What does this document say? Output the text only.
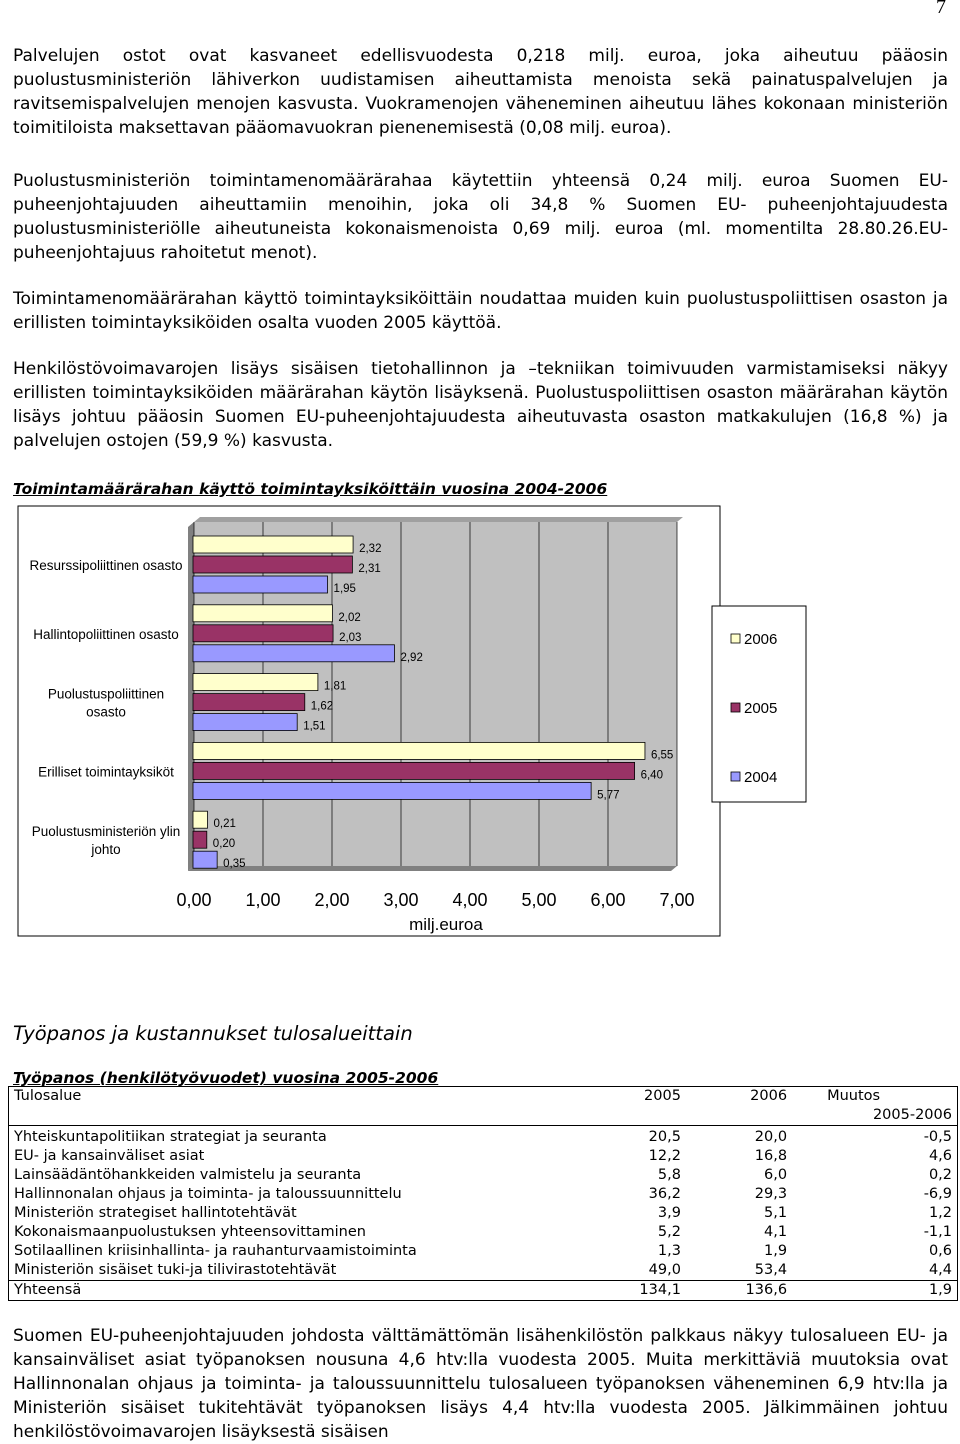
7

Palvelujen ostot ovat kasvaneet edellisvuodesta 0,218 milj. euroa, joka aiheutuu pääosin puolustusministeriön lähiverkon uudistamisen aiheuttamista menoista sekä painatuspalvelujen ja ravitsemispalvelujen menojen kasvusta. Vuokramenojen väheneminen aiheutuu lähes kokonaan ministeriön toimitiloista maksettavan pääomavuokran pienenemisestä (0,08 milj. euroa).

Puolustusministeriön toimintamenomäärärahaa käytettiin yhteensä 0,24 milj. euroa Suomen EU-puheenjohtajuuden aiheuttamiin menoihin, joka oli 34,8 % Suomen EU- puheenjohtajuudesta puolustusministeriölle aiheutuneista kokonaismenoista 0,69 milj. euroa (ml. momentilta 28.80.26.EU-puheenjohtajuus rahoitetut menot).

Toimintamenomäärärahan käyttö toimintayksiköittäin noudattaa muiden kuin puolustuspoliittisen osaston ja erillisten toimintayksiköiden osalta vuoden 2005 käyttöä.

Henkilöstövoimavarojen lisäys sisäisen tietohallinnon ja –tekniikan toimivuuden varmistamiseksi näkyy erillisten toimintayksiköiden määrärahan käytön lisäyksenä. Puolustuspoliittisen osaston määrärahan käytön lisäys johtuu pääosin Suomen EU-puheenjohtajuudesta aiheutuvasta osaston matkakulujen (16,8 %) ja palvelujen ostojen (59,9 %) kasvusta.

Toimintamäärärahan käyttö toimintayksiköittäin vuosina 2004-2006

0,00 1,00 2,00 3,00 4,00 5,00 6,00 7,00
2,32
2,31
1,95
2,02
2,03
2,92
1,81
1,62
1,51
6,55
6,40
5,77
0,21
0,20
0,35
Resurssipoliittinen osasto
Hallintopoliittinen osasto
Puolustuspoliittinen
osasto
Erilliset toimintayksiköt
Puolustusministeriön ylin
johto
2006
2005
2004
milj.euroa

Työpanos ja kustannukset tulosalueittain

Työpanos (henkilötyövuodet) vuosina 2005-2006

Tulosalue	2005	2006	Muutos
2005-2006

Yhteiskuntapolitiikan strategiat ja seuranta	20,5	20,0	-0,5
EU- ja kansainväliset asiat	12,2	16,8	4,6
Lainsäädäntöhankkeiden valmistelu ja seuranta	5,8	6,0	0,2
Hallinnonalan ohjaus ja toiminta- ja taloussuunnittelu	36,2	29,3	-6,9
Ministeriön strategiset hallintotehtävät	3,9	5,1	1,2
Kokonaismaanpuolustuksen yhteensovittaminen	5,2	4,1	-1,1
Sotilaallinen kriisinhallinta- ja rauhanturvaamistoiminta	1,3	1,9	0,6
Ministeriön sisäiset tuki-ja tilivirastotehtävät	49,0	53,4	4,4
Yhteensä	134,1	136,6	1,9

Suomen EU-puheenjohtajuuden johdosta välttämättömän lisähenkilöstön palkkaus näkyy tulosalueen EU- ja kansainväliset asiat työpanoksen nousuna 4,6 htv:lla vuodesta 2005. Muita merkittäviä muutoksia ovat Hallinnonalan ohjaus ja toiminta- ja taloussuunnittelu tulosalueen työpanoksen väheneminen 6,9 htv:lla ja Ministeriön sisäiset tukitehtävät työpanoksen lisäys 4,4 htv:lla vuodesta 2005. Jälkimmäinen johtuu henkilöstövoimavarojen lisäyksestä sisäisen
